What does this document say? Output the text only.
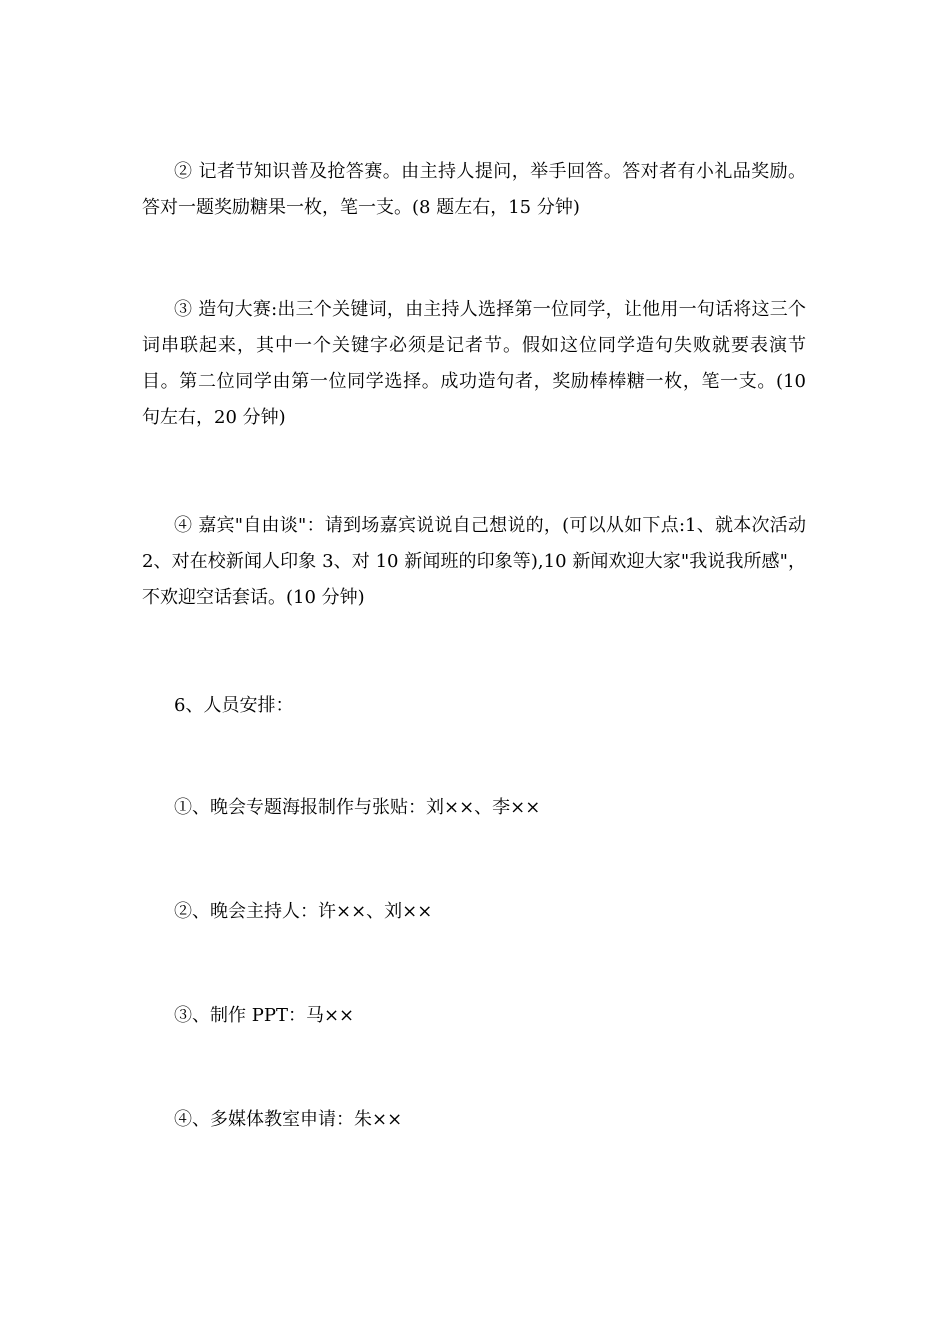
② 记者节知识普及抢答赛。由主持人提问，举手回答。答对者有小礼品奖励。答对一题奖励糖果一枚，笔一支。(8 题左右，15 分钟)

③ 造句大赛:出三个关键词，由主持人选择第一位同学，让他用一句话将这三个词串联起来，其中一个关键字必须是记者节。假如这位同学造句失败就要表演节目。第二位同学由第一位同学选择。成功造句者，奖励棒棒糖一枚，笔一支。(10 句左右，20 分钟)

④ 嘉宾"自由谈"：请到场嘉宾说说自己想说的，(可以从如下点:1、就本次活动 2、对在校新闻人印象 3、对 10 新闻班的印象等),10 新闻欢迎大家"我说我所感"，不欢迎空话套话。(10 分钟)

6、人员安排：

①、晚会专题海报制作与张贴：刘××、李××

②、晚会主持人：许××、刘××

③、制作 PPT：马××

④、多媒体教室申请：朱××
